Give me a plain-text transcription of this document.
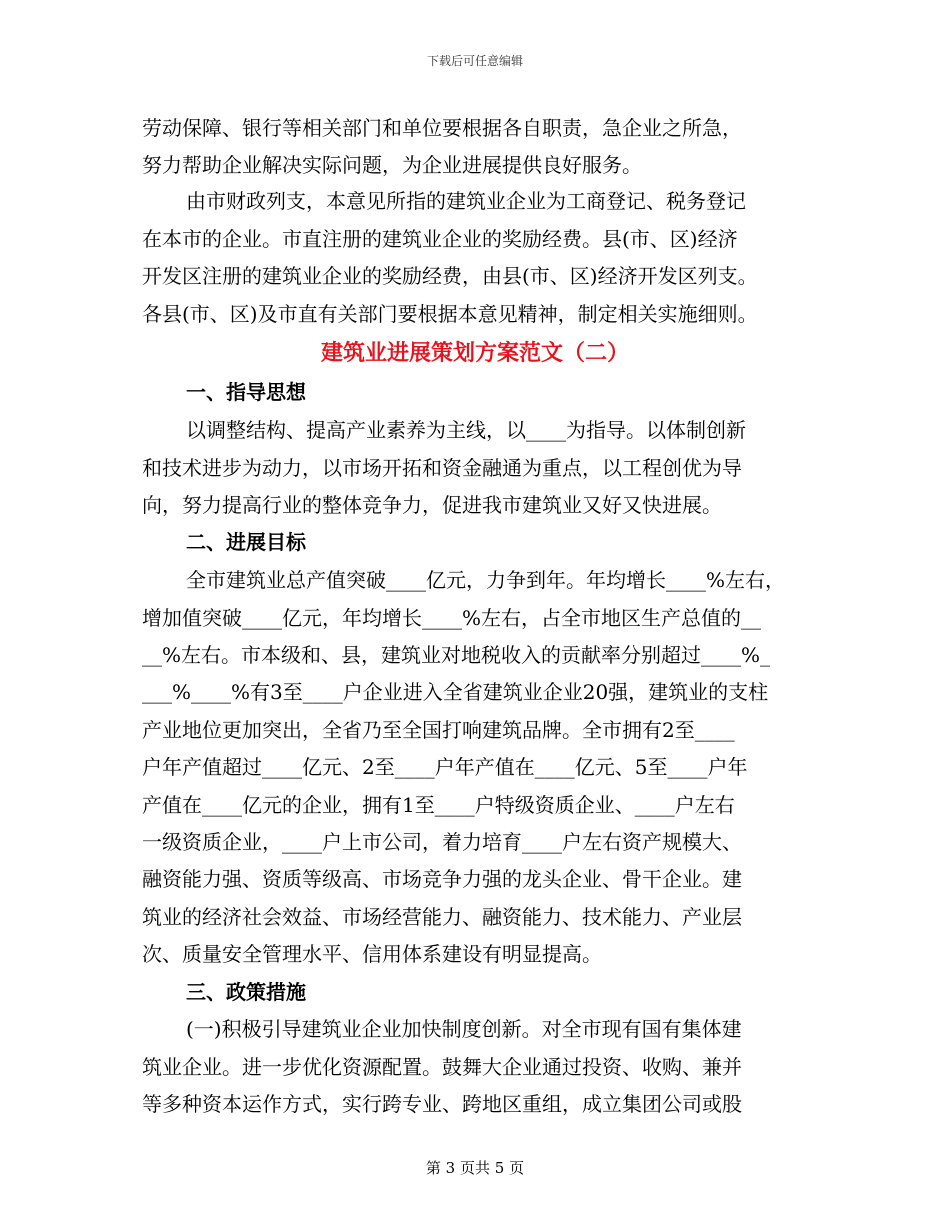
下载后可任意编辑
劳动保障、银行等相关部门和单位要根据各自职责，急企业之所急，
努力帮助企业解决实际问题，为企业进展提供良好服务。
由市财政列支，本意见所指的建筑业企业为工商登记、税务登记
在本市的企业。市直注册的建筑业企业的奖励经费。县(市、区)经济
开发区注册的建筑业企业的奖励经费，由县(市、区)经济开发区列支。
各县(市、区)及市直有关部门要根据本意见精神，制定相关实施细则。
建筑业进展策划方案范文（二）
一、指导思想
以调整结构、提高产业素养为主线，以____为指导。以体制创新
和技术进步为动力，以市场开拓和资金融通为重点，以工程创优为导
向，努力提高行业的整体竞争力，促进我市建筑业又好又快进展。
二、进展目标
全市建筑业总产值突破____亿元，力争到年。年均增长____%左右，
增加值突破____亿元，年均增长____%左右，占全市地区生产总值的__
__%左右。市本级和、县，建筑业对地税收入的贡献率分别超过____%_
___%____%有3至____户企业进入全省建筑业企业20强，建筑业的支柱
产业地位更加突出，全省乃至全国打响建筑品牌。全市拥有2至____
户年产值超过____亿元、2至____户年产值在____亿元、5至____户年
产值在____亿元的企业，拥有1至____户特级资质企业、____户左右
一级资质企业，____户上市公司，着力培育____户左右资产规模大、
融资能力强、资质等级高、市场竞争力强的龙头企业、骨干企业。建
筑业的经济社会效益、市场经营能力、融资能力、技术能力、产业层
次、质量安全管理水平、信用体系建设有明显提高。
三、政策措施
(一)积极引导建筑业企业加快制度创新。对全市现有国有集体建
筑业企业。进一步优化资源配置。鼓舞大企业通过投资、收购、兼并
等多种资本运作方式，实行跨专业、跨地区重组，成立集团公司或股
第 3 页共 5 页
